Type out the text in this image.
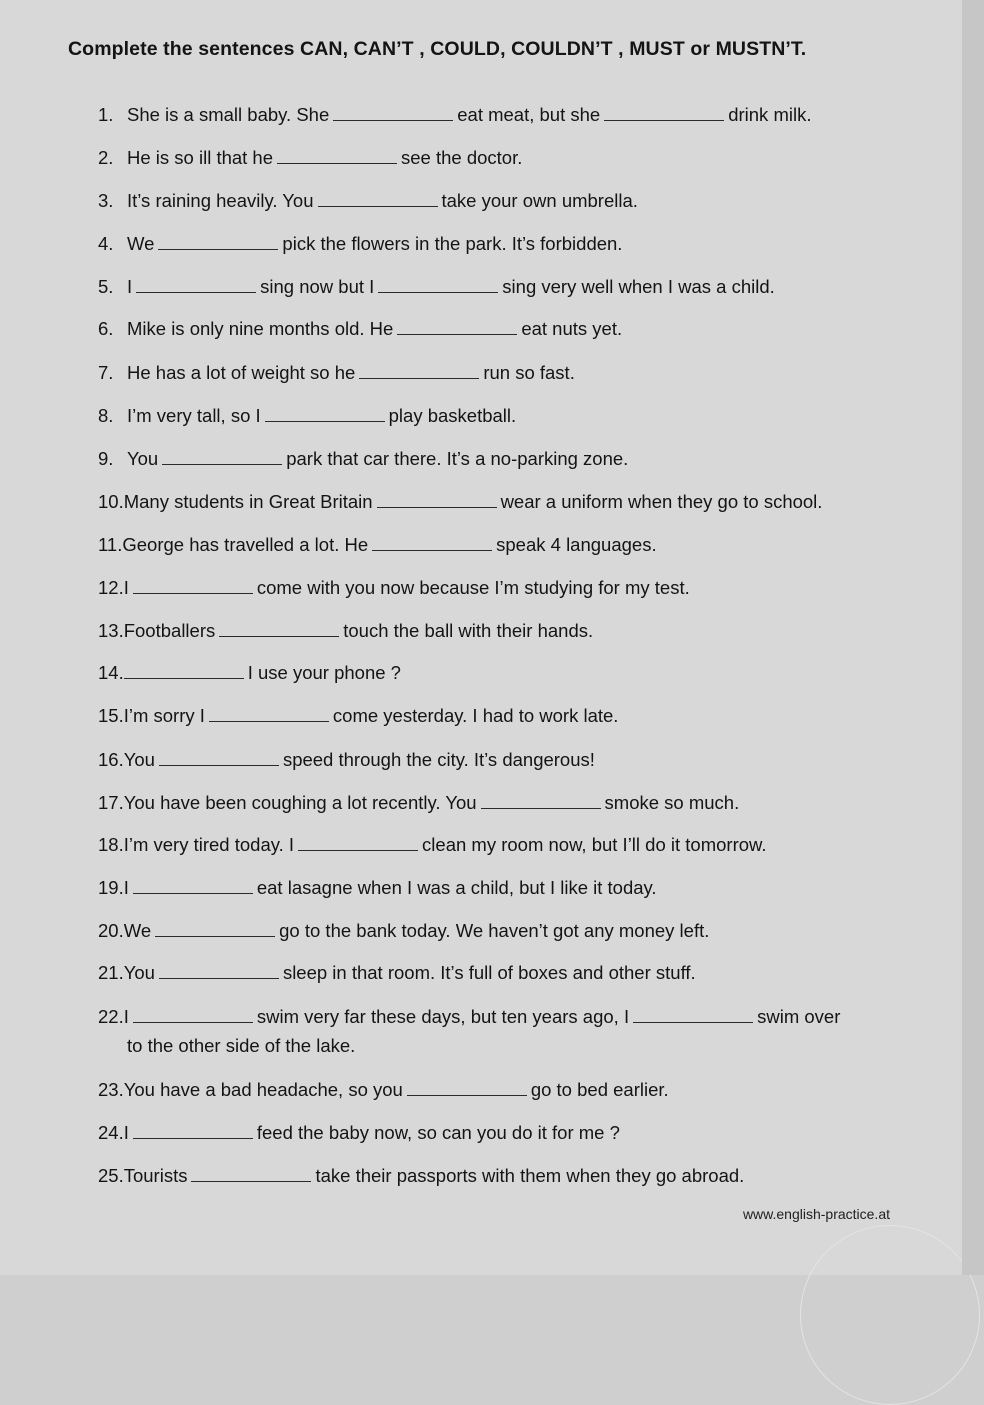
Complete the sentences CAN, CAN’T , COULD, COULDN’T , MUST or MUSTN’T.
1. She is a small baby. She	eat meat, but she	drink milk.
2. He is so ill that he	see the doctor.
3. It’s raining heavily. You	take your own umbrella.
4. We	pick the flowers in the park. It’s forbidden.
5. I	sing now but I	sing very well when I was a child.
6. Mike is only nine months old. He	eat nuts yet.
7. He has a lot of weight so he	run so fast.
8. I’m very tall, so I	play basketball.
9. You	park that car there. It’s a no-parking zone.
10.Many students in Great Britain	wear a uniform when they go to school.
11.George has travelled a lot. He	speak 4 languages.
12.I	come with you now because I’m studying for my test.
13.Footballers	touch the ball with their hands.
14.	I use your phone ?
15.I’m sorry I	come yesterday. I had to work late.
16.You	speed through the city. It’s dangerous!
17.You have been coughing a lot recently. You	smoke so much.
18.I’m very tired today. I	clean my room now, but I’ll do it tomorrow.
19.I	eat lasagne when I was a child, but I like it today.
20.We	go to the bank today. We haven’t got any money left.
21.You	sleep in that room. It’s full of boxes and other stuff.
22.I	swim very far these days, but ten years ago, I	swim over
to the other side of the lake.
23.You have a bad headache, so you	go to bed earlier.
24.I	feed the baby now, so can you do it for me ?
25.Tourists	take their passports with them when they go abroad.
www.english-practice.at
